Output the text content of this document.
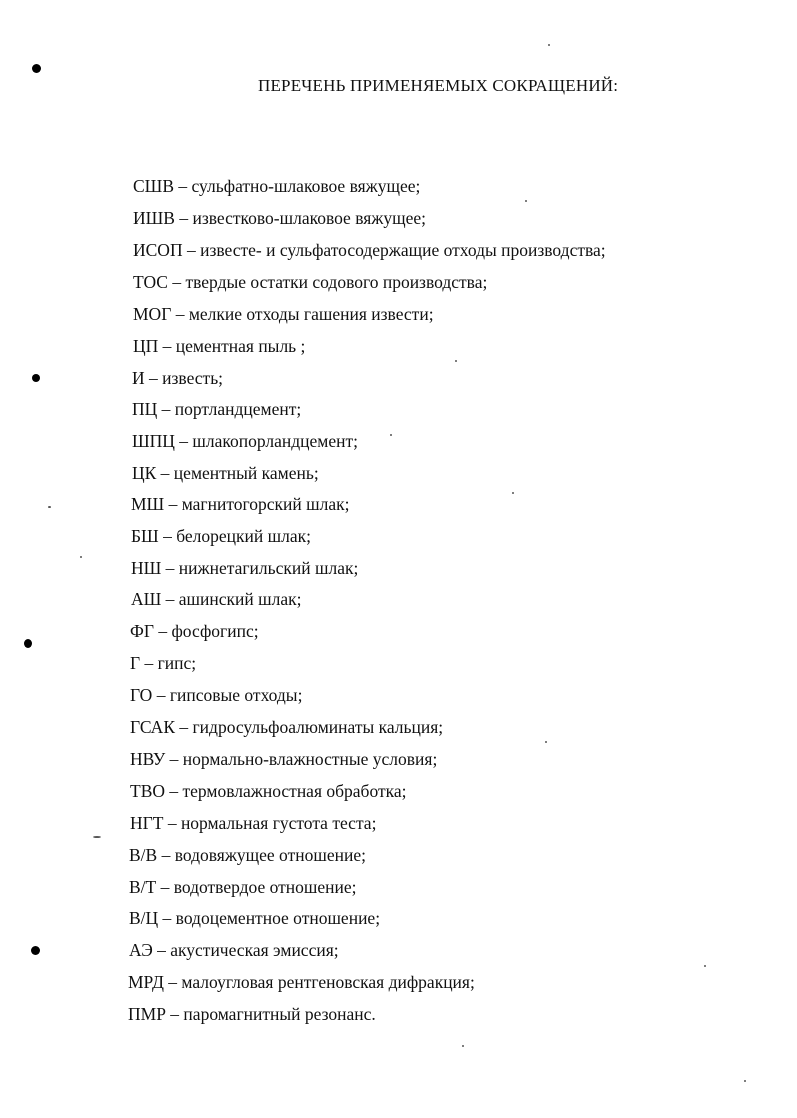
ПЕРЕЧЕНЬ ПРИМЕНЯЕМЫХ СОКРАЩЕНИЙ:
СШВ – сульфатно-шлаковое вяжущее;
ИШВ – известково-шлаковое вяжущее;
ИСОП – известе- и сульфатосодержащие отходы производства;
ТОС – твердые остатки содового производства;
МОГ – мелкие отходы гашения извести;
ЦП – цементная пыль ;
И – известь;
ПЦ – портландцемент;
ШПЦ – шлакопорландцемент;
ЦК – цементный камень;
МШ – магнитогорский шлак;
БШ – белорецкий шлак;
НШ – нижнетагильский шлак;
АШ – ашинский шлак;
ФГ – фосфогипс;
Г – гипс;
ГО – гипсовые отходы;
ГСАК – гидросульфоалюминаты кальция;
НВУ – нормально-влажностные условия;
ТВО – термовлажностная обработка;
НГТ – нормальная густота теста;
В/В – водовяжущее отношение;
В/Т – водотвердое отношение;
В/Ц – водоцементное отношение;
АЭ – акустическая эмиссия;
МРД – малоугловая рентгеновская дифракция;
ПМР – паромагнитный резонанс.
